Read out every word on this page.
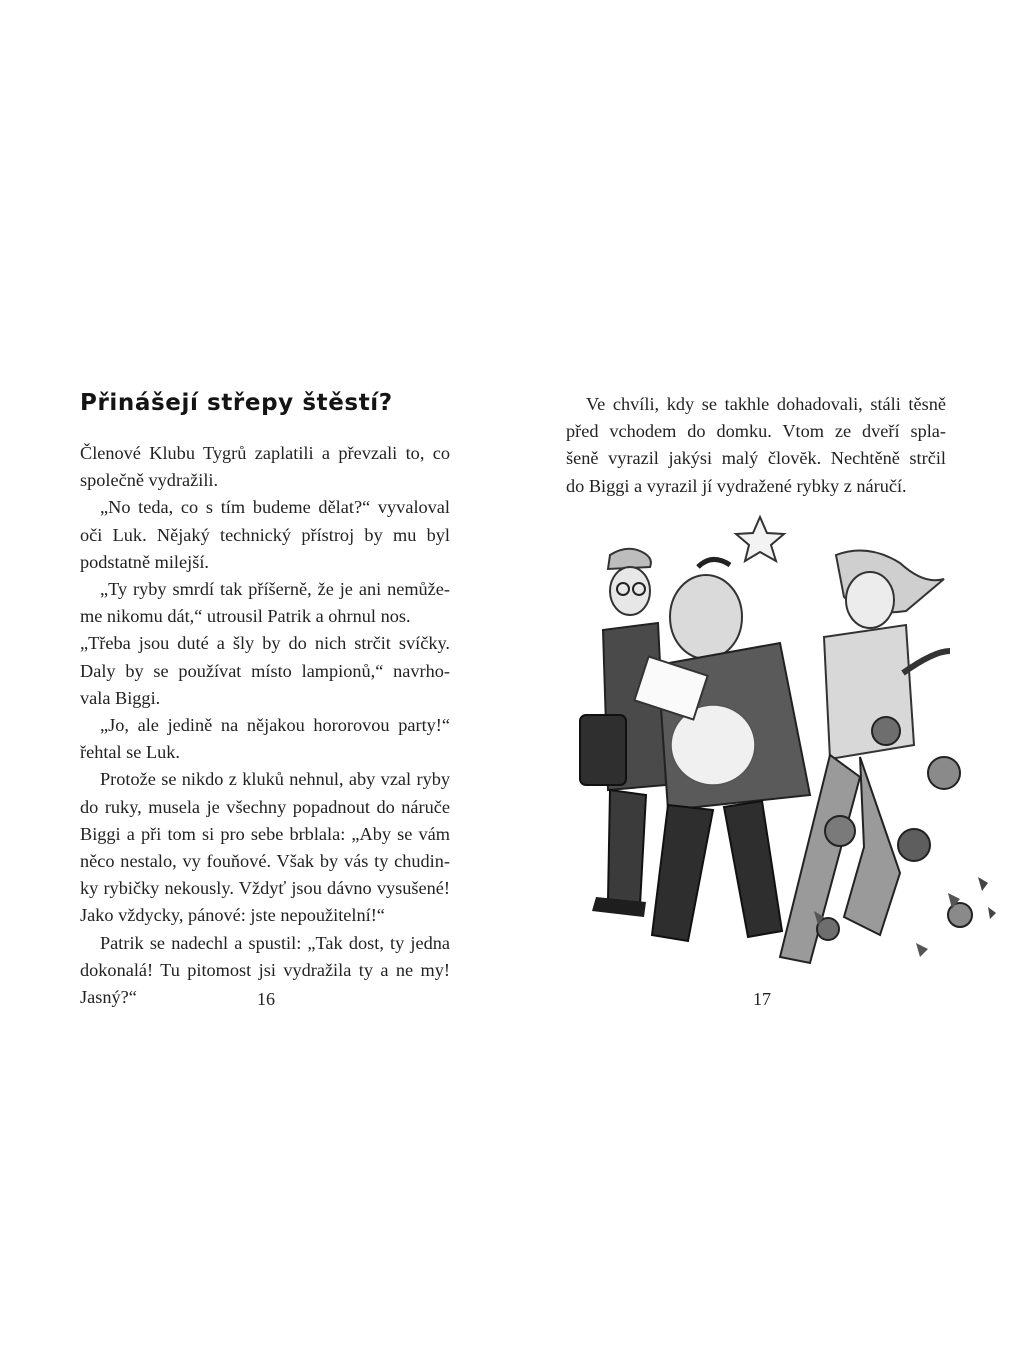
Přinášejí střepy štěstí?

Členové Klubu Tygrů zaplatili a převzali to, co

společně vydražili.

„No teda, co s tím budeme dělat?“ vyvaloval

oči Luk. Nějaký technický přístroj by mu byl

podstatně milejší.

„Ty ryby smrdí tak příšerně, že je ani nemůže-

me nikomu dát,“ utrousil Patrik a ohrnul nos.

„Třeba jsou duté a šly by do nich strčit svíčky.

Daly by se používat místo lampionů,“ navrho-

vala Biggi.

„Jo, ale jedině na nějakou hororovou party!“

řehtal se Luk.

Protože se nikdo z kluků nehnul, aby vzal ryby

do ruky, musela je všechny popadnout do náruče

Biggi a při tom si pro sebe brblala: „Aby se vám

něco nestalo, vy fouňové. Však by vás ty chudin-

ky rybičky nekously. Vždyť jsou dávno vysušené!

Jako vždycky, pánové: jste nepoužitelní!“

Patrik se nadechl a spustil: „Tak dost, ty jedna

dokonalá! Tu pitomost jsi vydražila ty a ne my!

Jasný?“	16

Ve chvíli, kdy se takhle dohadovali, stáli těsně

před vchodem do domku. Vtom ze dveří spla-

šeně vyrazil jakýsi malý človĕk. Nechtěně strčil

do Biggi a vyrazil jí vydražené rybky z náručí.

17
